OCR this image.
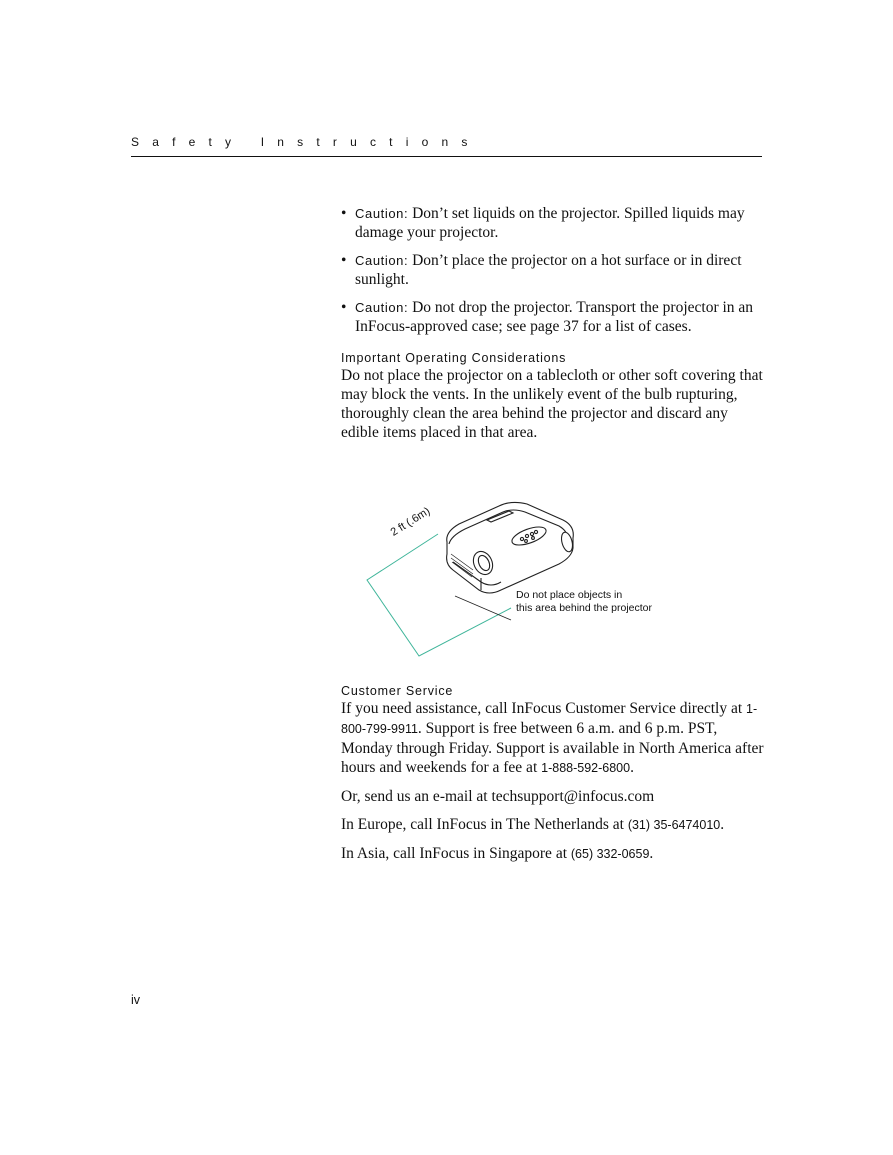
Safety Instructions
• Caution: Don’t set liquids on the projector. Spilled liquids may damage your projector.
• Caution: Don’t place the projector on a hot surface or in direct sunlight.
• Caution: Do not drop the projector. Transport the projector in an InFocus-approved case; see page 37 for a list of cases.
Important Operating Considerations

Do not place the projector on a tablecloth or other soft covering that may block the vents. In the unlikely event of the bulb rupturing, thoroughly clean the area behind the projector and discard any edible items placed in that area.

2 ft (.6m)
Do not place objects in
this area behind the projector
Customer Service

If you need assistance, call InFocus Customer Service directly at 1-800-799-9911. Support is free between 6 a.m. and 6 p.m. PST, Monday through Friday. Support is available in North America after hours and weekends for a fee at 1-888-592-6800.

Or, send us an e-mail at techsupport@infocus.com

In Europe, call InFocus in The Netherlands at (31) 35-6474010.

In Asia, call InFocus in Singapore at (65) 332-0659.

iv
